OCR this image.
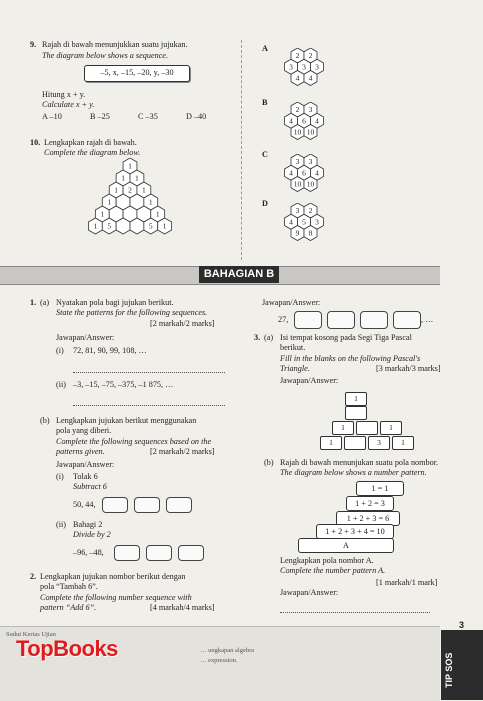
9. Rajah di bawah menunjukkan suatu jujukan.
The diagram below shows a sequence.
–5, x, –15, –20, y, –30
Hitung x + y.
Calculate x + y.
A –10	B –25	C –35	D –40
10. Lengkapkan rajah di bawah.
Complete the diagram below.
1
1 1
1 2 1
1	1
1	1
1 5	5 1
A
2 2
3 3 3
4 4
B
2 3
4 6 4
10 10
C
3 3
4 6 4
10 10
D
3 2
4 5 3
9 8
BAHAGIAN B
1. (a) Nyatakan pola bagi jujukan berikut.
State the patterns for the following sequences.
[2 markah/2 marks]
Jawapan/Answer:
(i) 72, 81, 90, 99, 108, …
(ii) –3, –15, –75, –375, –1 875, …
(b) Lengkapkan jujukan berikut menggunakan
pola yang diberi.
Complete the following sequences based on the
patterns given.	[2 markah/2 marks]
Jawapan/Answer:
(i) Tolak 6
Subtract 6
50, 44,
(ii) Bahagi 2
Divide by 2
–96, –48,
2. Lengkapkan jujukan nombor berikut dengan
pola “Tambah 6”.
Complete the following number sequence with
pattern “Add 6”.	[4 markah/4 marks]
Jawapan/Answer:
27,	, …
3. (a) Isi tempat kosong pada Segi Tiga Pascal
berikut.
Fill in the blanks on the following Pascal's
Triangle.	[3 markah/3 marks]
Jawapan/Answer:
1
1	1
1	3	1
(b) Rajah di bawah menunjukan suatu pola nombor.
The diagram below shows a number pattern.
1 = 1
1 + 2 = 3
1 + 2 + 3 = 6
1 + 2 + 3 + 4 = 10
A
Lengkapkan pola nombor A.
Complete the number pattern A.
[1 markah/1 mark]
Jawapan/Answer:
Sudut Kertas Ujian
… ungkapan algebra
… expression.
TopBooks
3
TIP SOS
